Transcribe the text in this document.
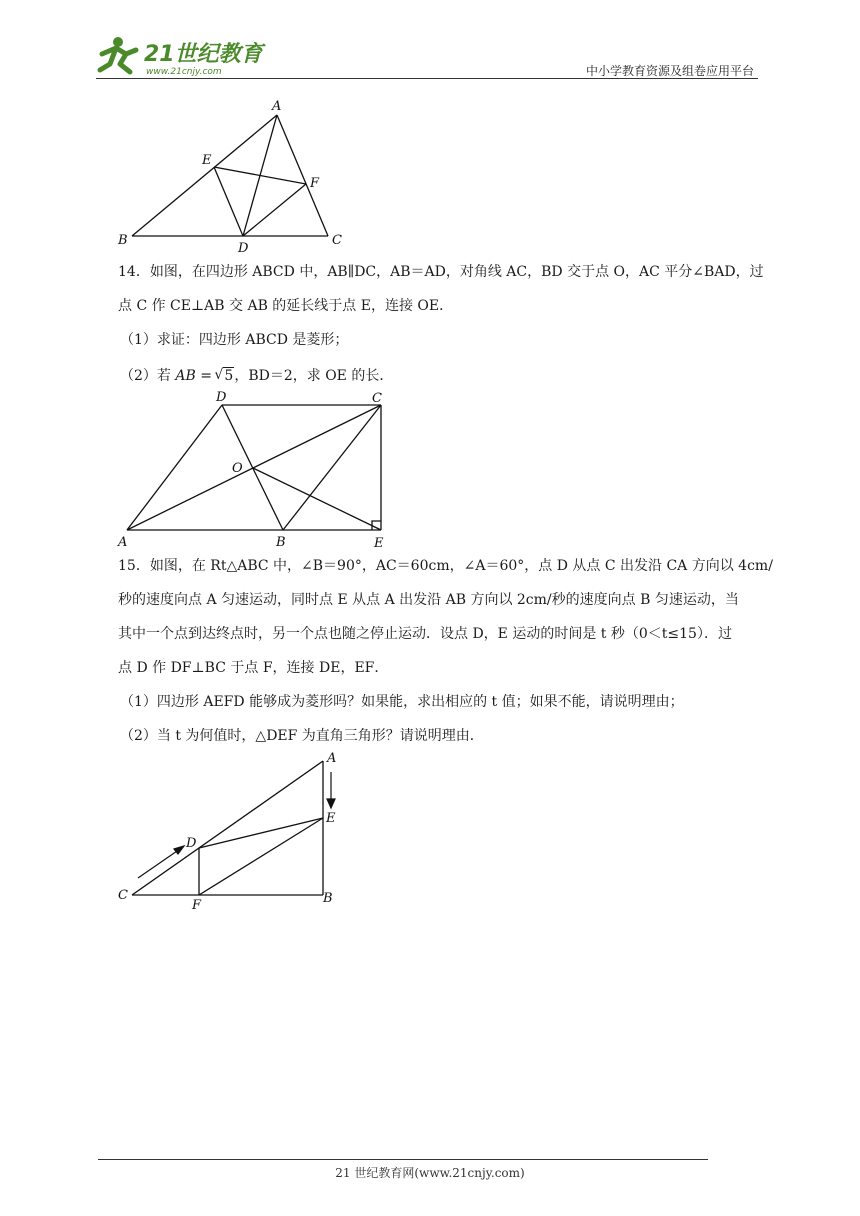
21世纪教育
www.21cnjy.com	中小学教育资源及组卷应用平台
A
B	C
D
E
F
14．如图，在四边形 ABCD 中，AB∥DC，AB＝AD，对角线 AC，BD 交于点 O，AC 平分∠BAD，过
点 C 作 CE⊥AB 交 AB 的延长线于点 E，连接 OE．
（1）求证：四边形 ABCD 是菱形；
（2）若 AB = √ 5，BD＝2，求 OE 的长．
D	C
O
A	B	E
15．如图，在 Rt△ABC 中，∠B＝90°，AC＝60cm，∠A＝60°，点 D 从点 C 出发沿 CA 方向以 4cm/
秒的速度向点 A 匀速运动，同时点 E 从点 A 出发沿 AB 方向以 2cm/秒的速度向点 B 匀速运动，当
其中一个点到达终点时，另一个点也随之停止运动．设点 D，E 运动的时间是 t 秒（0＜t≤15）．过
点 D 作 DF⊥BC 于点 F，连接 DE，EF．
（1）四边形 AEFD 能够成为菱形吗？如果能，求出相应的 t 值；如果不能，请说明理由；
（2）当 t 为何值时，△DEF 为直角三角形？请说明理由．
A
E
D
C
F	B
21 世纪教育网(www.21cnjy.com)
